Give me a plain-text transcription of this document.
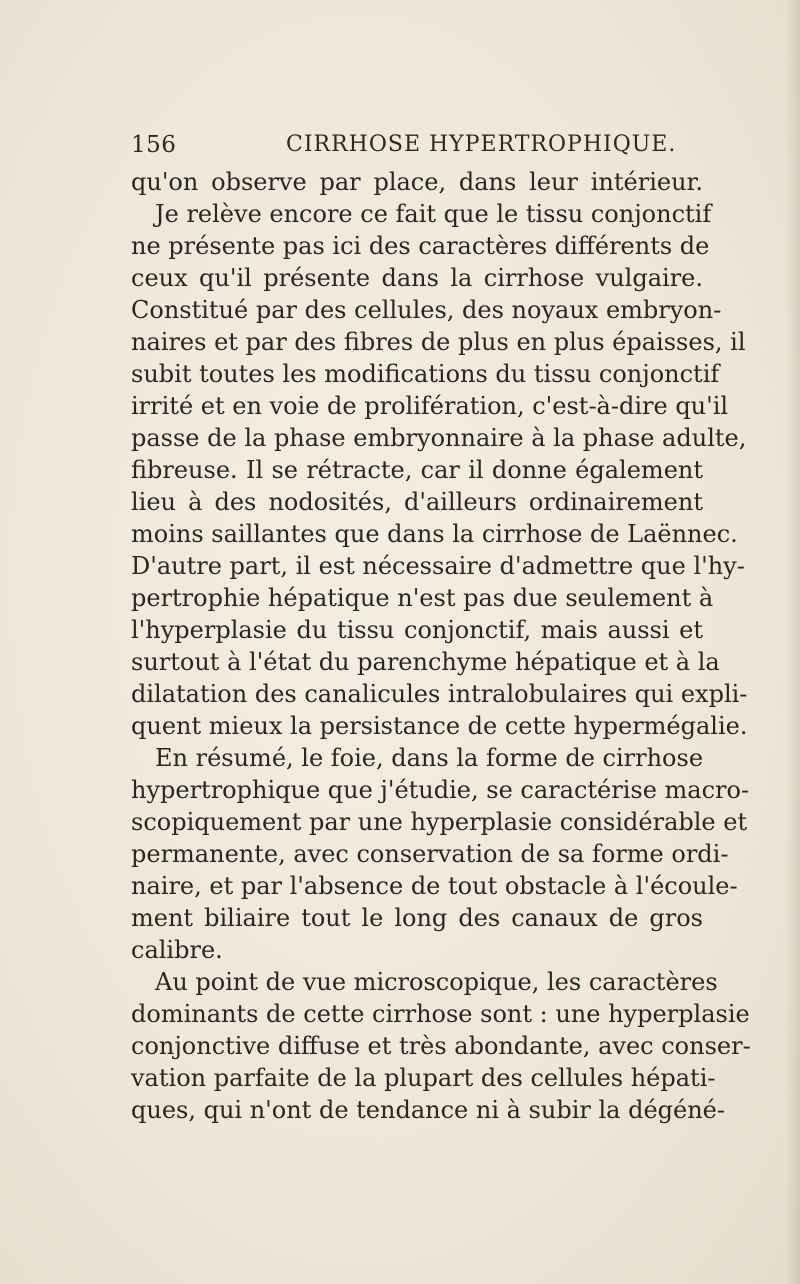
156	CIRRHOSE HYPERTROPHIQUE.
qu'on observe par place, dans leur intérieur.
Je relève encore ce fait que le tissu conjonctif
ne présente pas ici des caractères différents de
ceux qu'il présente dans la cirrhose vulgaire.
Constitué par des cellules, des noyaux embryon-
naires et par des fibres de plus en plus épaisses, il
subit toutes les modifications du tissu conjonctif
irrité et en voie de prolifération, c'est-à-dire qu'il
passe de la phase embryonnaire à la phase adulte,
fibreuse. Il se rétracte, car il donne également
lieu à des nodosités, d'ailleurs ordinairement
moins saillantes que dans la cirrhose de Laënnec.
D'autre part, il est nécessaire d'admettre que l'hy-
pertrophie hépatique n'est pas due seulement à
l'hyperplasie du tissu conjonctif, mais aussi et
surtout à l'état du parenchyme hépatique et à la
dilatation des canalicules intralobulaires qui expli-
quent mieux la persistance de cette hypermégalie.
En résumé, le foie, dans la forme de cirrhose
hypertrophique que j'étudie, se caractérise macro-
scopiquement par une hyperplasie considérable et
permanente, avec conservation de sa forme ordi-
naire, et par l'absence de tout obstacle à l'écoule-
ment biliaire tout le long des canaux de gros
calibre.
Au point de vue microscopique, les caractères
dominants de cette cirrhose sont : une hyperplasie
conjonctive diffuse et très abondante, avec conser-
vation parfaite de la plupart des cellules hépati-
ques, qui n'ont de tendance ni à subir la dégéné-
